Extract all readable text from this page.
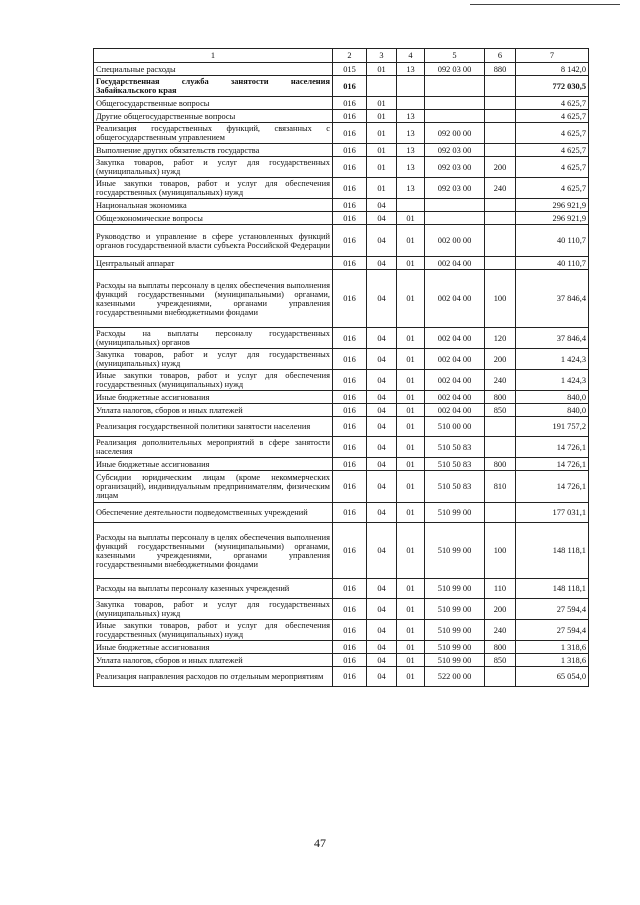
1	2	3	4	5	6	7
Специальные расходы	015	01	13	092 03 00	880	8 142,0
Государственная служба занятости населения Забайкальского края	016					772 030,5
Общегосударственные вопросы	016	01				4 625,7
Другие общегосударственные вопросы	016	01	13			4 625,7
Реализация государственных функций, связанных с общегосударственным управлением	016	01	13	092 00 00		4 625,7
Выполнение других обязательств государства	016	01	13	092 03 00		4 625,7
Закупка товаров, работ и услуг для государственных (муниципальных) нужд	016	01	13	092 03 00	200	4 625,7
Иные закупки товаров, работ и услуг для обеспечения государственных (муниципальных) нужд	016	01	13	092 03 00	240	4 625,7
Национальная экономика	016	04				296 921,9
Общеэкономические вопросы	016	04	01			296 921,9
Руководство и управление в сфере установленных функций органов государственной власти субъекта Российской Федерации	016	04	01	002 00 00		40 110,7
Центральный аппарат	016	04	01	002 04 00		40 110,7
Расходы на выплаты персоналу в целях обеспечения выполнения функций государственными (муниципальными) органами, казенными учреждениями, органами управления государственными внебюджетными фондами	016	04	01	002 04 00	100	37 846,4
Расходы на выплаты персоналу государственных (муниципальных) органов	016	04	01	002 04 00	120	37 846,4
Закупка товаров, работ и услуг для государственных (муниципальных) нужд	016	04	01	002 04 00	200	1 424,3
Иные закупки товаров, работ и услуг для обеспечения государственных (муниципальных) нужд	016	04	01	002 04 00	240	1 424,3
Иные бюджетные ассигнования	016	04	01	002 04 00	800	840,0
Уплата налогов, сборов и иных платежей	016	04	01	002 04 00	850	840,0
Реализация государственной политики занятости населения	016	04	01	510 00 00		191 757,2
Реализация дополнительных мероприятий в сфере занятости населения	016	04	01	510 50 83		14 726,1
Иные бюджетные ассигнования	016	04	01	510 50 83	800	14 726,1
Субсидии юридическим лицам (кроме некоммерческих организаций), индивидуальным предпринимателям, физическим лицам	016	04	01	510 50 83	810	14 726,1
Обеспечение деятельности подведомственных учреждений	016	04	01	510 99 00		177 031,1
Расходы на выплаты персоналу в целях обеспечения выполнения функций государственными (муниципальными) органами, казенными учреждениями, органами управления государственными внебюджетными фондами	016	04	01	510 99 00	100	148 118,1
Расходы на выплаты персоналу казенных учреждений	016	04	01	510 99 00	110	148 118,1
Закупка товаров, работ и услуг для государственных (муниципальных) нужд	016	04	01	510 99 00	200	27 594,4
Иные закупки товаров, работ и услуг для обеспечения государственных (муниципальных) нужд	016	04	01	510 99 00	240	27 594,4
Иные бюджетные ассигнования	016	04	01	510 99 00	800	1 318,6
Уплата налогов, сборов и иных платежей	016	04	01	510 99 00	850	1 318,6
Реализация направления расходов по отдельным мероприятиям	016	04	01	522 00 00		65 054,0
47
